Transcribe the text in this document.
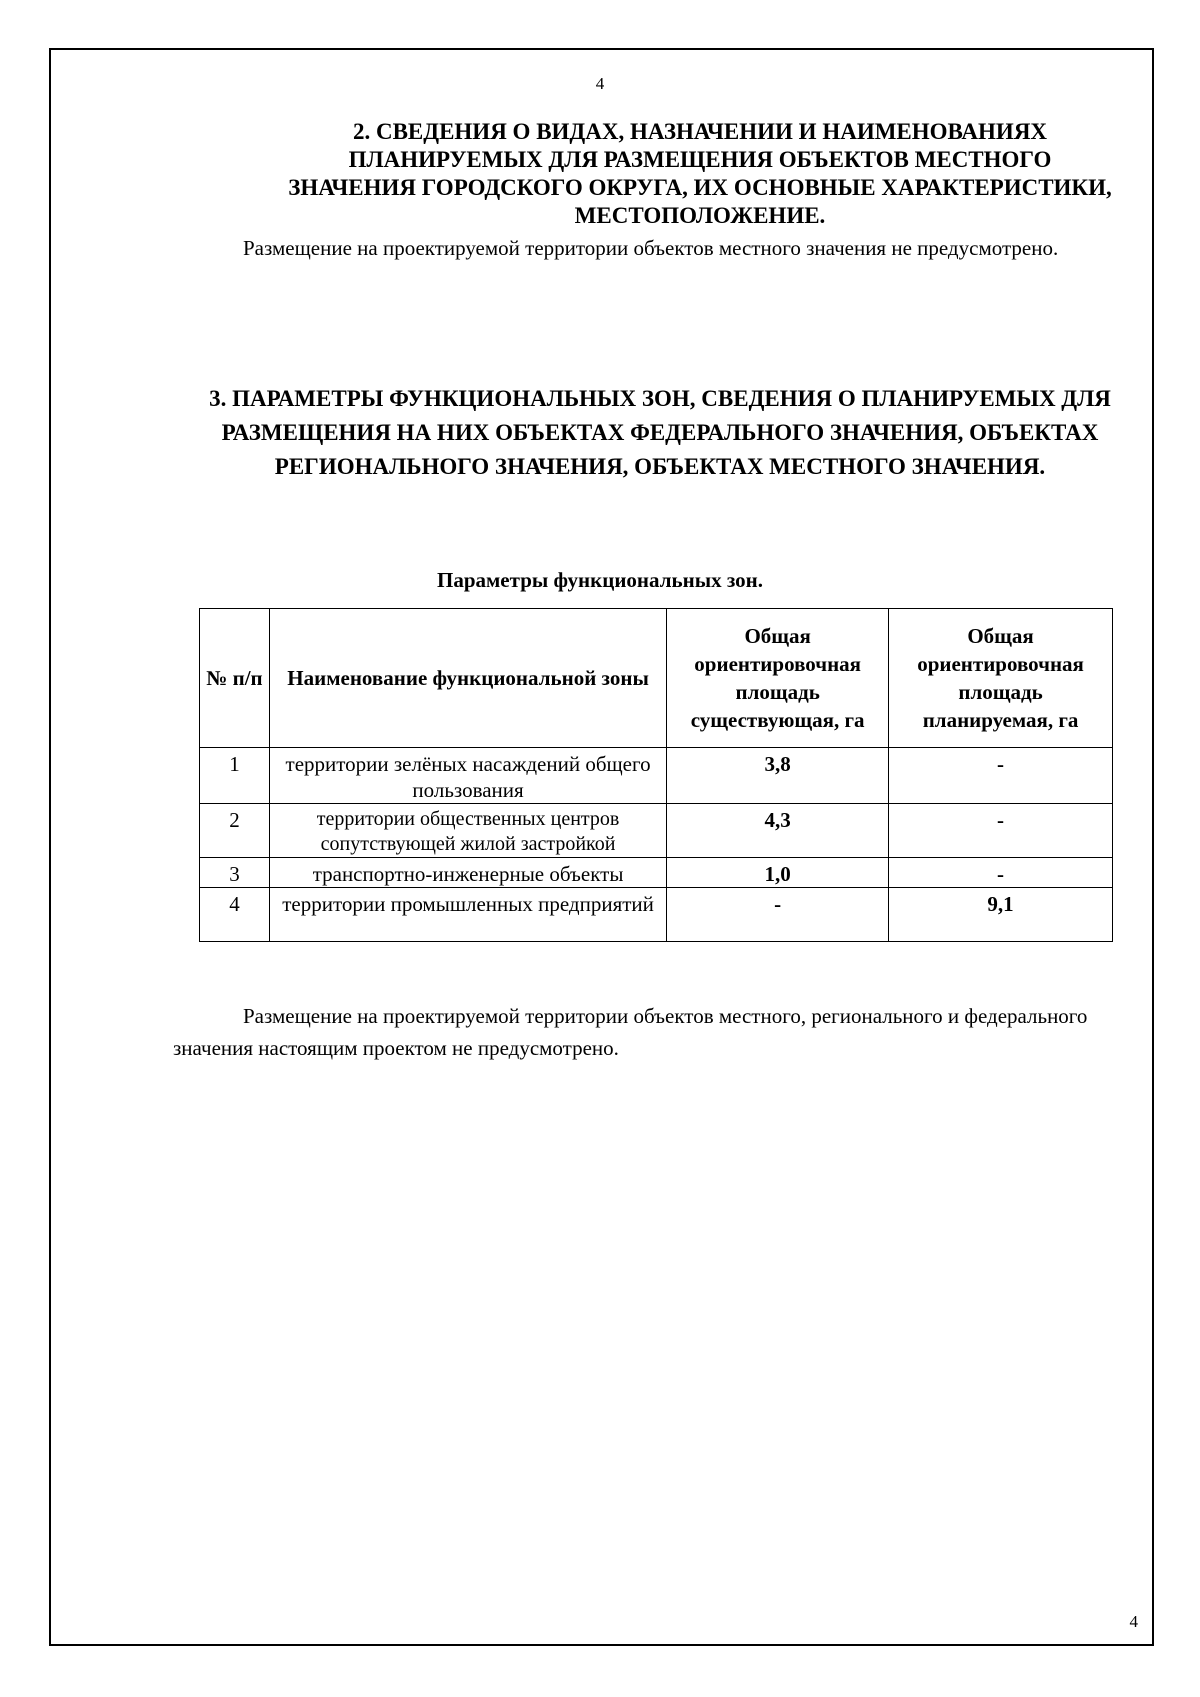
4

2. СВЕДЕНИЯ О ВИДАХ, НАЗНАЧЕНИИ И НАИМЕНОВАНИЯХ

ПЛАНИРУЕМЫХ ДЛЯ РАЗМЕЩЕНИЯ ОБЪЕКТОВ МЕСТНОГО

ЗНАЧЕНИЯ ГОРОДСКОГО ОКРУГА, ИХ ОСНОВНЫЕ ХАРАКТЕРИСТИКИ,

МЕСТОПОЛОЖЕНИЕ.

Размещение на проектируемой территории объектов местного значения не предусмотрено.

3. ПАРАМЕТРЫ ФУНКЦИОНАЛЬНЫХ ЗОН, СВЕДЕНИЯ О ПЛАНИРУЕМЫХ ДЛЯ

РАЗМЕЩЕНИЯ НА НИХ ОБЪЕКТАХ ФЕДЕРАЛЬНОГО ЗНАЧЕНИЯ, ОБЪЕКТАХ

РЕГИОНАЛЬНОГО ЗНАЧЕНИЯ, ОБЪЕКТАХ МЕСТНОГО ЗНАЧЕНИЯ.

Параметры функциональных зон.
№ п/п	Наименование функциональной зоны	Общая ориентировочная площадь существующая, га	Общая ориентировочная площадь планируемая, га
1	территории зелёных насаждений общего пользования	3,8	-
2	территории общественных центров сопутствующей жилой застройкой	4,3	-
3	транспортно-инженерные объекты	1,0	-
4	территории промышленных предприятий	-	9,1

Размещение на проектируемой территории объектов местного, регионального и федерального значения настоящим проектом не предусмотрено.

4
